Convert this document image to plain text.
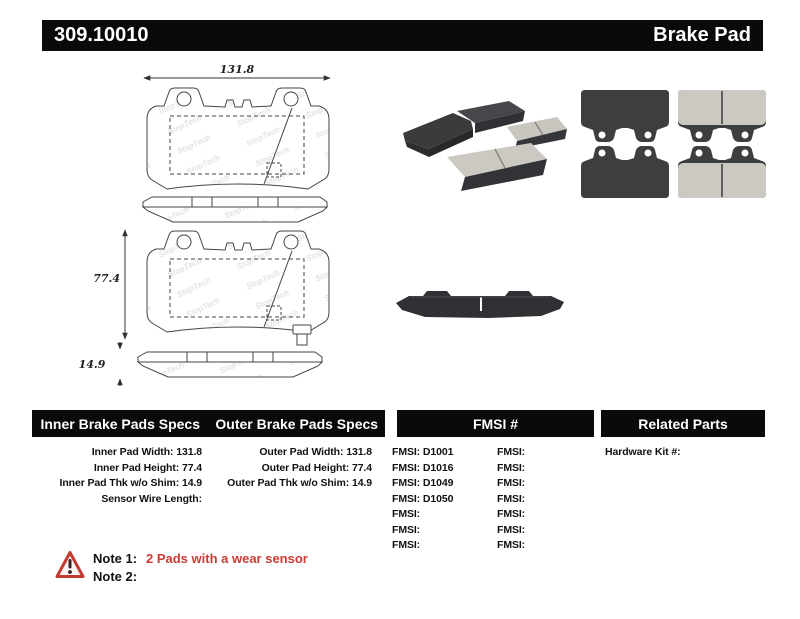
309.10010	Brake Pad
131.8
77.4
14.9
Inner Brake Pads Specs	Outer Brake Pads Specs	FMSI #	Related Parts
Inner Pad Width: 131.8
Inner Pad Height: 77.4
Inner Pad Thk w/o Shim: 14.9
Sensor Wire Length:
Outer Pad Width: 131.8
Outer Pad Height: 77.4
Outer Pad Thk w/o Shim: 14.9
FMSI: D1001
FMSI: D1016
FMSI: D1049
FMSI: D1050
FMSI:
FMSI:
FMSI:
FMSI:
FMSI:
FMSI:
FMSI:
FMSI:
FMSI:
FMSI:
Hardware Kit #:
Note 1: 2 Pads with a wear sensor
Note 2:
